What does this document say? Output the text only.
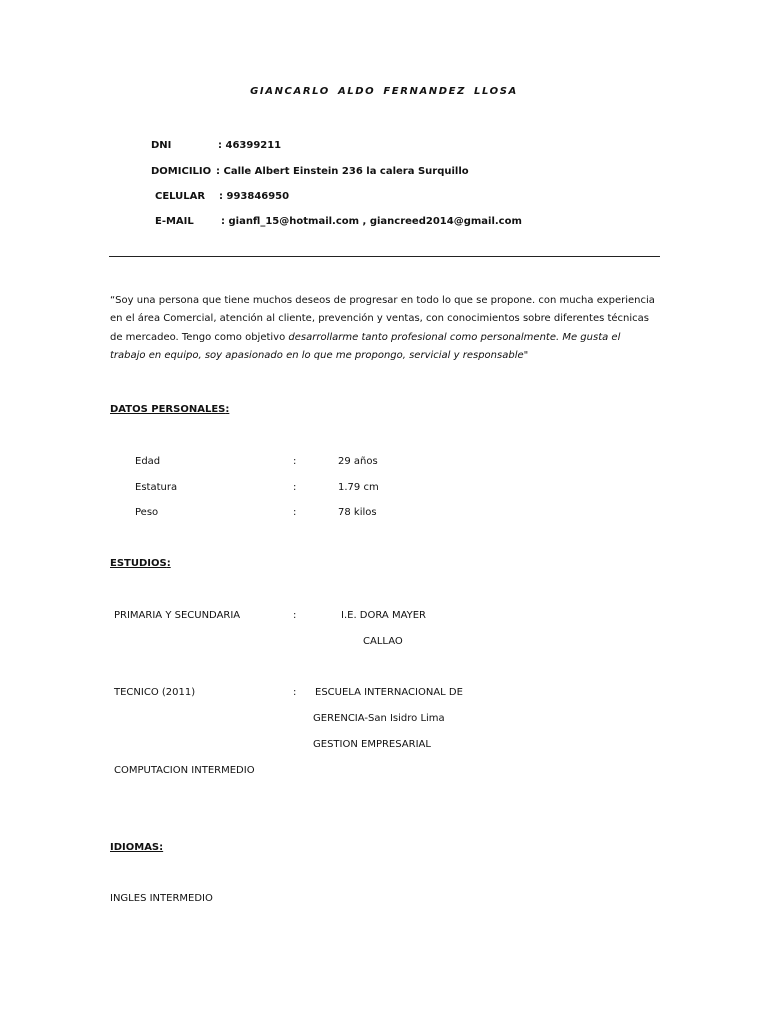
GIANCARLO ALDO FERNANDEZ LLOSA
DNI	: 46399211
DOMICILIO : Calle Albert Einstein 236 la calera Surquillo
CELULAR : 993846950
E-MAIL	: gianfl_15@hotmail.com , giancreed2014@gmail.com
“Soy una persona que tiene muchos deseos de progresar en todo lo que se propone. con mucha experiencia
en el área Comercial, atención al cliente, prevención y ventas, con conocimientos sobre diferentes técnicas
de mercadeo. Tengo como objetivo desarrollarme tanto profesional como personalmente. Me gusta el
trabajo en equipo, soy apasionado en lo que me propongo, servicial y responsable"
DATOS PERSONALES:
Edad	:	29 años
Estatura	:	1.79 cm
Peso	:	78 kilos
ESTUDIOS:
PRIMARIA Y SECUNDARIA	:	I.E. DORA MAYER
CALLAO
TECNICO (2011)	: ESCUELA INTERNACIONAL DE
GERENCIA-San Isidro Lima
GESTION EMPRESARIAL
COMPUTACION INTERMEDIO
IDIOMAS:
INGLES INTERMEDIO
